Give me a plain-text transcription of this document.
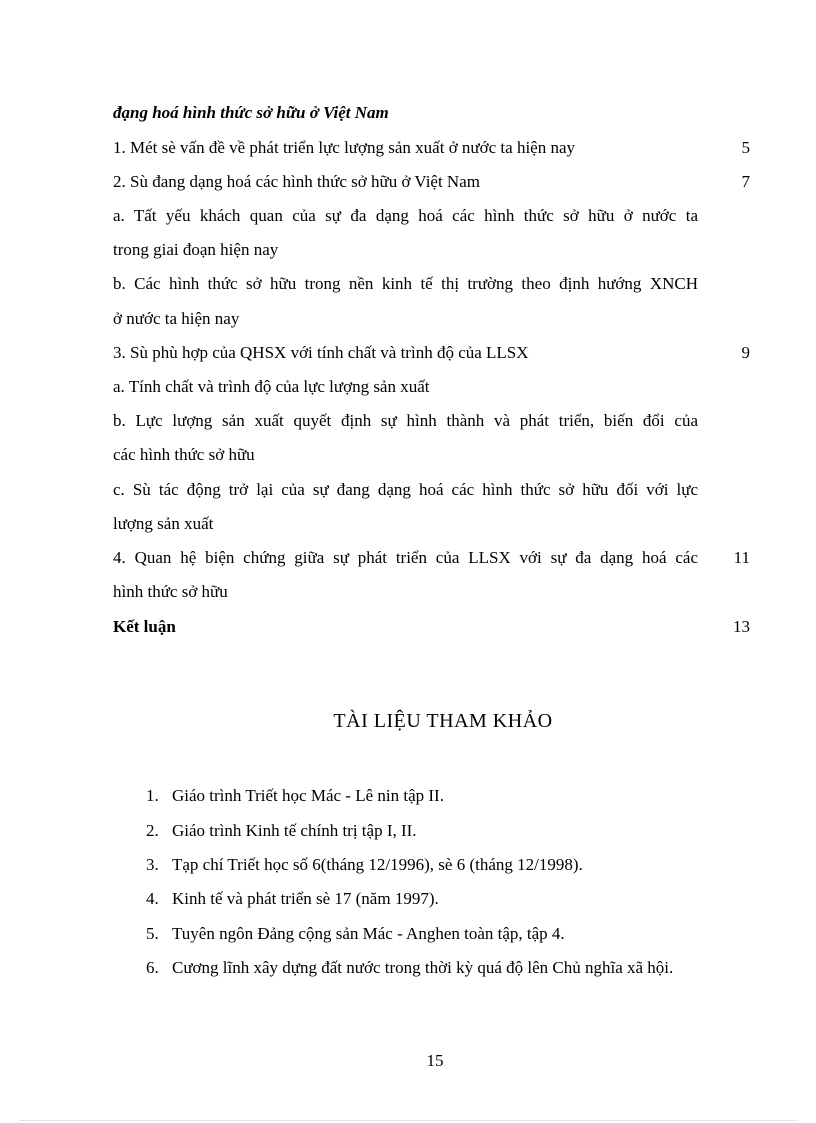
đạng hoá hình thức sở hữu ở Việt Nam
1. Mét sè vấn đề về phát triển lực lượng sản xuất ở nước ta hiện nay	5
2. Sù đang dạng hoá các hình thức sở hữu ở Việt Nam	7
a. Tất yếu khách quan của sự đa dạng hoá các hình thức sở hữu ở nước ta
trong giai đoạn hiện nay
b. Các hình thức sở hữu trong nền kinh tế thị trường theo định hướng XNCH
ở nước ta hiện nay
3. Sù phù hợp của QHSX với tính chất và trình độ của LLSX	9
a. Tính chất và trình độ của lực lượng sản xuất
b. Lực lượng sản xuất quyết định sự hình thành và phát triển, biến đổi của
các hình thức sở hữu
c. Sù tác động trở lại của sự đang dạng hoá các hình thức sở hữu đối với lực
lượng sản xuất
4. Quan hệ biện chứng giữa sự phát triển của LLSX với sự đa dạng hoá các	11
hình thức sở hữu
Kết luận	13
TÀI LIỆU THAM KHẢO
1. Giáo trình Triết học Mác - Lê nin tập II.
2. Giáo trình Kinh tế chính trị tập I, II.
3. Tạp chí Triết học số 6(tháng 12/1996), sè 6 (tháng 12/1998).
4. Kinh tế và phát triển sè 17 (năm 1997).
5. Tuyên ngôn Đảng cộng sản Mác - Anghen toàn tập, tập 4.
6. Cương lĩnh xây dựng đất nước trong thời kỳ quá độ lên Chủ nghĩa xã hội.
15
